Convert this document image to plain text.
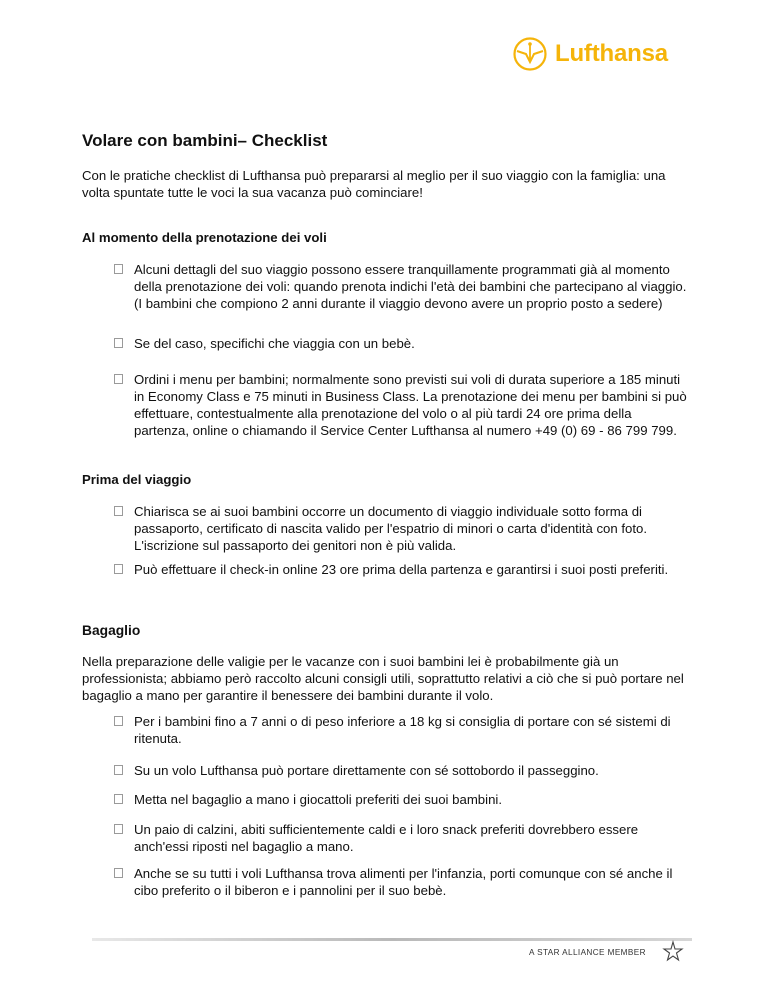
Lufthansa
Volare con bambini– Checklist

Con le pratiche checklist di Lufthansa può prepararsi al meglio per il suo viaggio con la famiglia: una volta spuntate tutte le voci la sua vacanza può cominciare!

Al momento della prenotazione dei voli
Alcuni dettagli del suo viaggio possono essere tranquillamente programmati già al momento della prenotazione dei voli: quando prenota indichi l'età dei bambini che partecipano al viaggio. (I bambini che compiono 2 anni durante il viaggio devono avere un proprio posto a sedere)
Se del caso, specifichi che viaggia con un bebè.
Ordini i menu per bambini; normalmente sono previsti sui voli di durata superiore a 185 minuti in Economy Class e 75 minuti in Business Class. La prenotazione dei menu per bambini si può effettuare, contestualmente alla prenotazione del volo o al più tardi 24 ore prima della partenza, online o chiamando il Service Center Lufthansa al numero +49 (0) 69 - 86 799 799.
Prima del viaggio
Chiarisca se ai suoi bambini occorre un documento di viaggio individuale sotto forma di passaporto, certificato di nascita valido per l'espatrio di minori o carta d'identità con foto. L'iscrizione sul passaporto dei genitori non è più valida.
Può effettuare il check-in online 23 ore prima della partenza e garantirsi i suoi posti preferiti.
Bagaglio

Nella preparazione delle valigie per le vacanze con i suoi bambini lei è probabilmente già un professionista; abbiamo però raccolto alcuni consigli utili, soprattutto relativi a ciò che si può portare nel bagaglio a mano per garantire il benessere dei bambini durante il volo.

Per i bambini fino a 7 anni o di peso inferiore a 18 kg si consiglia di portare con sé sistemi di ritenuta.
Su un volo Lufthansa può portare direttamente con sé sottobordo il passeggino.
Metta nel bagaglio a mano i giocattoli preferiti dei suoi bambini.
Un paio di calzini, abiti sufficientemente caldi e i loro snack preferiti dovrebbero essere anch'essi riposti nel bagaglio a mano.
Anche se su tutti i voli Lufthansa trova alimenti per l'infanzia, porti comunque con sé anche il cibo preferito o il biberon e i pannolini per il suo bebè.
A STAR ALLIANCE MEMBER
